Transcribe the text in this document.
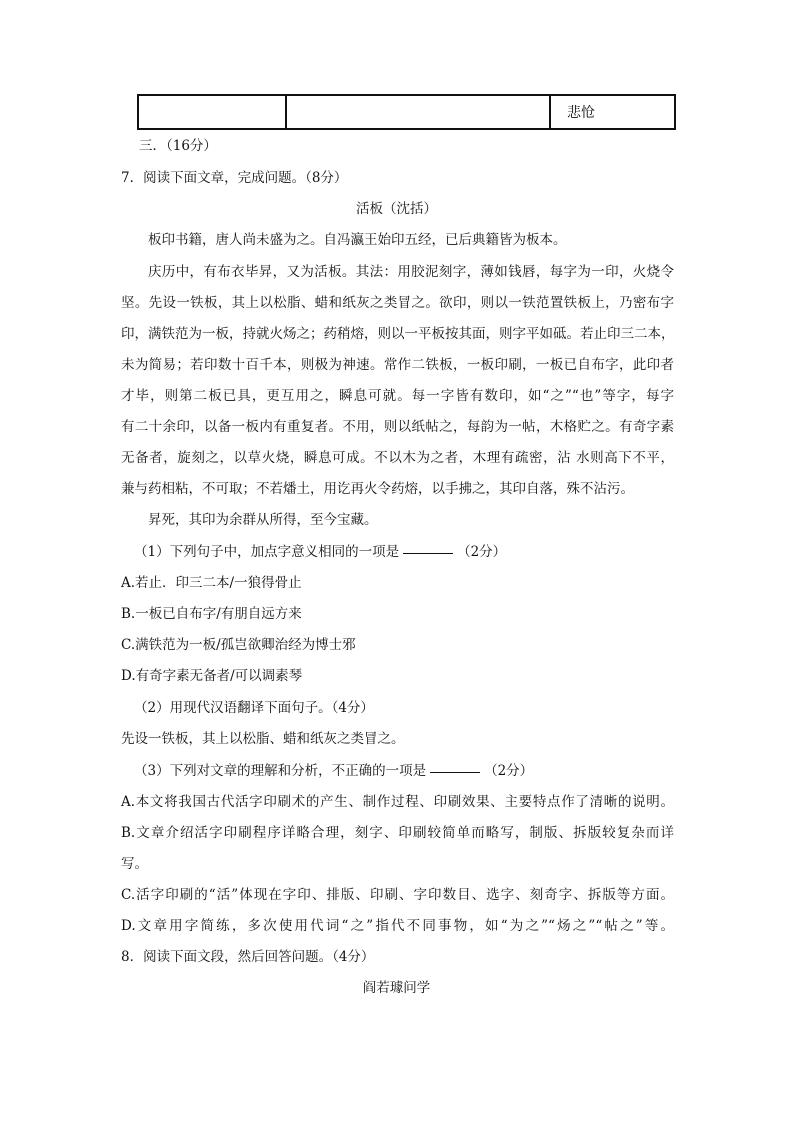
		悲怆
三．（16分）
7．阅读下面文章，完成问题。（8分）
活板（沈括）
板印书籍，唐人尚未盛为之。自冯瀛王始印五经，已后典籍皆为板本。
庆历中，有布衣毕昇，又为活板。其法：用胶泥刻字，薄如钱唇，每字为一印，火烧令
坚。先设一铁板，其上以松脂、蜡和纸灰之类冒之。欲印，则以一铁范置铁板上，乃密布字
印，满铁范为一板，持就火炀之；药稍熔，则以一平板按其面，则字平如砥。若止印三二本，
未为简易；若印数十百千本，则极为神速。常作二铁板，一板印刷，一板已自布字，此印者
才毕，则第二板已具，更互用之，瞬息可就。每一字皆有数印，如“之”“也”等字，每字
有二十余印，以备一板内有重复者。不用，则以纸帖之，每韵为一帖，木格贮之。有奇字素
无备者，旋刻之，以草火烧，瞬息可成。不以木为之者，木理有疏密，沾 水则高下不平，
兼与药相粘，不可取；不若燔土，用讫再火令药熔，以手拂之，其印自落，殊不沾污。
昇死，其印为余群从所得，至今宝藏。
（1）下列句子中，加点字意义相同的一项是	（2分）
A.若止．印三二本/一狼得骨止
B.一板已自布字/有朋自远方来
C.满铁范为一板/孤岂欲卿治经为博士邪
D.有奇字素无备者/可以调素琴
（2）用现代汉语翻译下面句子。（4分）
先设一铁板，其上以松脂、蜡和纸灰之类冒之。
（3）下列对文章的理解和分析，不正确的一项是	（2分）
A.本文将我国古代活字印刷术的产生、制作过程、印刷效果、主要特点作了清晰的说明。
B.文章介绍活字印刷程序详略合理，刻字、印刷较简单而略写，制版、拆版较复杂而详
写。
C.活字印刷的“活”体现在字印、排版、印刷、字印数目、选字、刻奇字、拆版等方面。
D.文章用字简练，多次使用代词“之”指代不同事物，如“为之”“炀之”“帖之”等。
8．阅读下面文段，然后回答问题。（4分）
阎若璩问学
